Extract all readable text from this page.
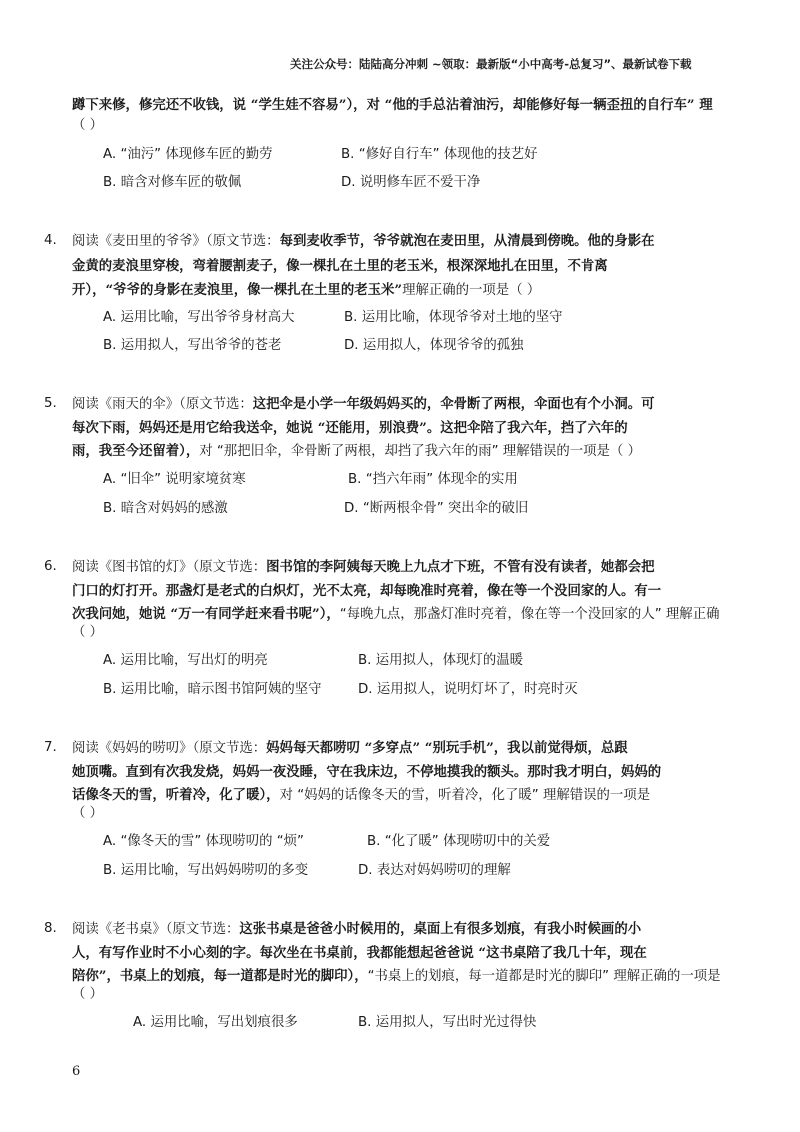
关注公众号：陆陆高分冲刺 ~领取：最新版“小中高考-总复习”、最新试卷下载
蹲下来修，修完还不收钱，说 “学生娃不容易”），对 “他的手总沾着油污，却能修好每一辆歪扭的自行车” 理
（ ）
A. “油污” 体现修车匠的勤劳	B. “修好自行车” 体现他的技艺好
B. 暗含对修车匠的敬佩	D. 说明修车匠不爱干净
4. 阅读《麦田里的爷爷》（原文节选：每到麦收季节，爷爷就泡在麦田里，从清晨到傍晚。他的身影在
金黄的麦浪里穿梭，弯着腰割麦子，像一棵扎在土里的老玉米，根深深地扎在田里，不肯离
开），“爷爷的身影在麦浪里，像一棵扎在土里的老玉米”理解正确的一项是（ ）
A. 运用比喻，写出爷爷身材高大	B. 运用比喻，体现爷爷对土地的坚守
B. 运用拟人，写出爷爷的苍老	D. 运用拟人，体现爷爷的孤独
5. 阅读《雨天的伞》（原文节选：这把伞是小学一年级妈妈买的，伞骨断了两根，伞面也有个小洞。可
每次下雨，妈妈还是用它给我送伞，她说 “还能用，别浪费”。这把伞陪了我六年，挡了六年的
雨，我至今还留着），对 “那把旧伞，伞骨断了两根，却挡了我六年的雨” 理解错误的一项是（ ）
A. “旧伞” 说明家境贫寒	B. “挡六年雨” 体现伞的实用
B. 暗含对妈妈的感激	D. “断两根伞骨” 突出伞的破旧
6. 阅读《图书馆的灯》（原文节选：图书馆的李阿姨每天晚上九点才下班，不管有没有读者，她都会把
门口的灯打开。那盏灯是老式的白炽灯，光不太亮，却每晚准时亮着，像在等一个没回家的人。有一
次我问她，她说 “万一有同学赶来看书呢”），“每晚九点，那盏灯准时亮着，像在等一个没回家的人” 理解正确
（ ）
A. 运用比喻，写出灯的明亮	B. 运用拟人，体现灯的温暖
B. 运用比喻，暗示图书馆阿姨的坚守	D. 运用拟人，说明灯坏了，时亮时灭
7. 阅读《妈妈的唠叨》（原文节选：妈妈每天都唠叨 “多穿点” “别玩手机”，我以前觉得烦，总跟
她顶嘴。直到有次我发烧，妈妈一夜没睡，守在我床边，不停地摸我的额头。那时我才明白，妈妈的
话像冬天的雪，听着冷，化了暖），对 “妈妈的话像冬天的雪，听着冷，化了暖” 理解错误的一项是
（ ）
A. “像冬天的雪” 体现唠叨的 “烦”	B. “化了暖” 体现唠叨中的关爱
B. 运用比喻，写出妈妈唠叨的多变	D. 表达对妈妈唠叨的理解
8. 阅读《老书桌》（原文节选：这张书桌是爸爸小时候用的，桌面上有很多划痕，有我小时候画的小
人，有写作业时不小心刻的字。每次坐在书桌前，我都能想起爸爸说 “这书桌陪了我几十年，现在
陪你”，书桌上的划痕，每一道都是时光的脚印），“书桌上的划痕，每一道都是时光的脚印” 理解正确的一项是
（ ）
A. 运用比喻，写出划痕很多	B. 运用拟人，写出时光过得快
6
